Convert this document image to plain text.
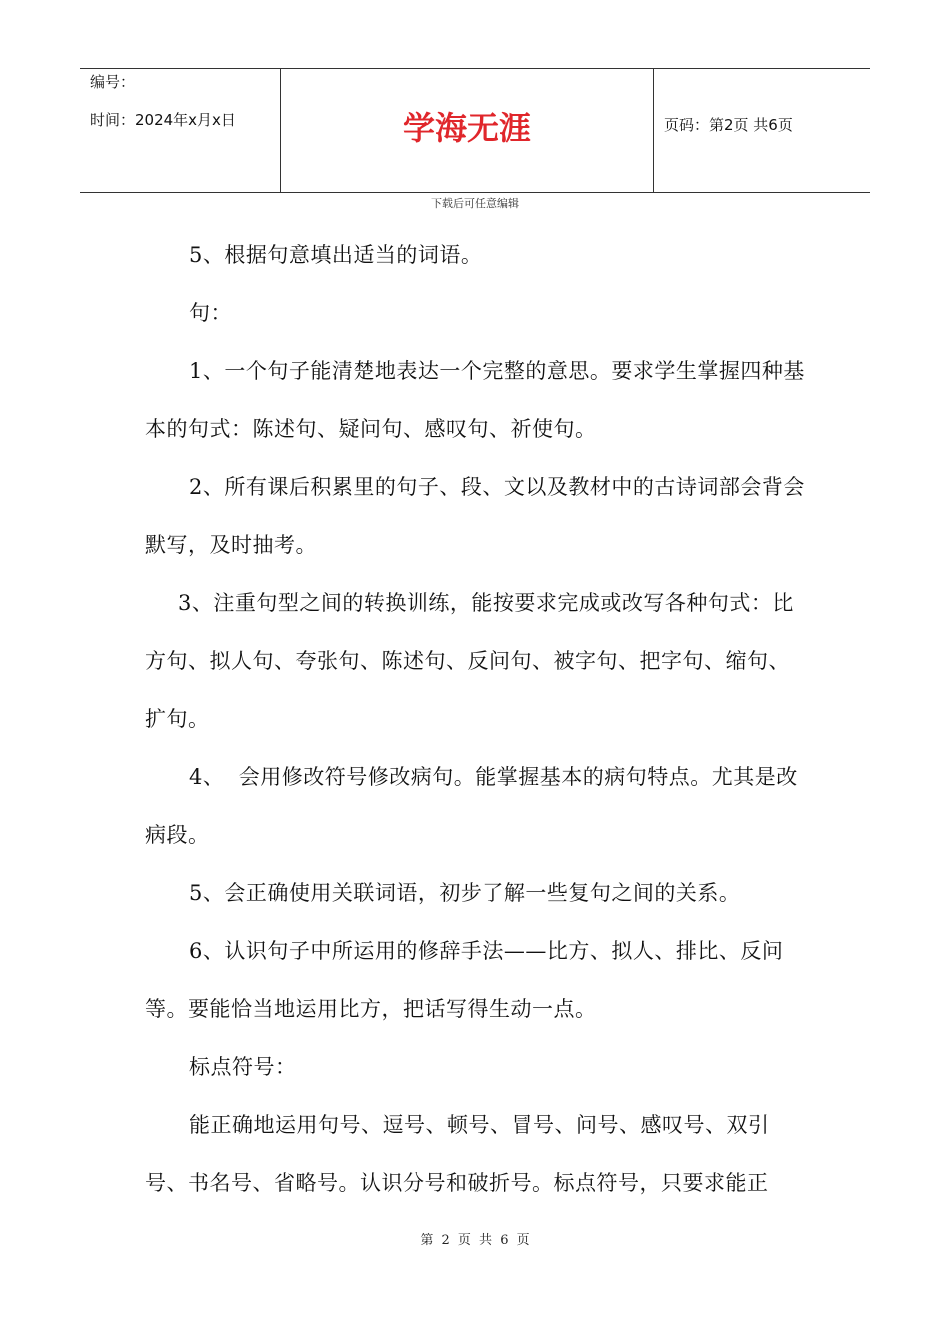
编号：
时间：2024年x月x日	学海无涯	页码：第2页 共6页
下载后可任意编辑

5、根据句意填出适当的词语。

句：

1、一个句子能清楚地表达一个完整的意思。要求学生掌握四种基本的句式：陈述句、疑问句、感叹句、祈使句。

2、所有课后积累里的句子、段、文以及教材中的古诗词部会背会默写，及时抽考。

3、注重句型之间的转换训练，能按要求完成或改写各种句式：比方句、拟人句、夸张句、陈述句、反问句、被字句、把字句、缩句、扩句。

4、  会用修改符号修改病句。能掌握基本的病句特点。尤其是改病段。

5、会正确使用关联词语，初步了解一些复句之间的关系。

6、认识句子中所运用的修辞手法——比方、拟人、排比、反问等。要能恰当地运用比方，把话写得生动一点。

标点符号：

能正确地运用句号、逗号、顿号、冒号、问号、感叹号、双引号、书名号、省略号。认识分号和破折号。标点符号，只要求能正

第 2 页 共 6 页
